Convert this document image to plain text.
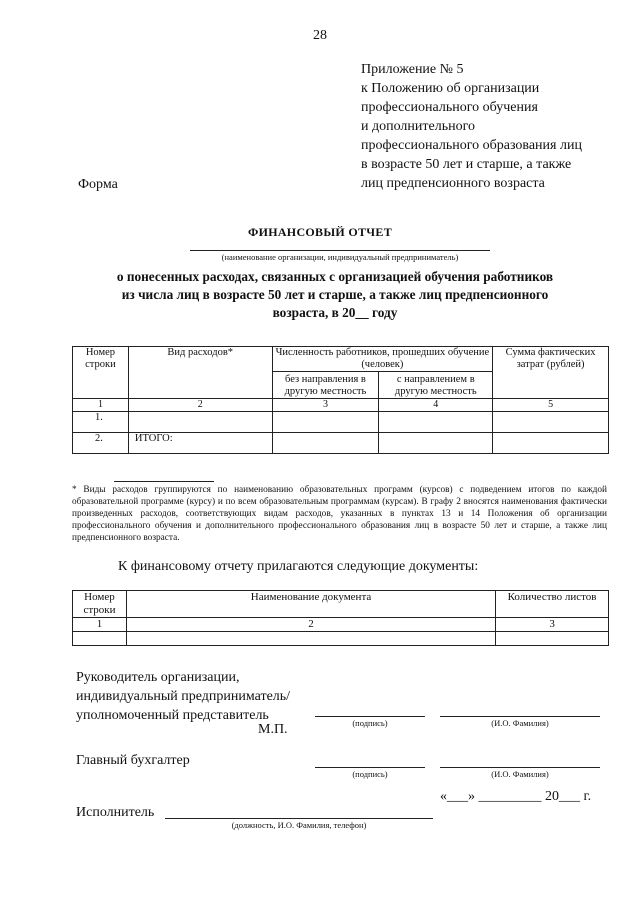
28
Приложение № 5
к Положению об организации
профессионального обучения
и дополнительного
профессионального образования лиц
в возрасте 50 лет и старше, а также
лиц предпенсионного возраста
Форма
ФИНАНСОВЫЙ ОТЧЕТ
(наименование организации, индивидуальный предприниматель)
о понесенных расходах, связанных с организацией обучения работников
из числа лиц в возрасте 50 лет и старше, а также лиц предпенсионного
возраста, в 20__ году
Номер строки	Вид расходов*	Численность работников, прошедших обучение (человек)		Сумма фактических затрат (рублей)
		без направления в другую местность	с направлением в другую местность	
1	2	3	4	5
1.				
2.	ИТОГО:			
* Виды расходов группируются по наименованию образовательных программ (курсов) с подведением итогов по каждой образовательной программе (курсу) и по всем образовательным программам (курсам). В графу 2 вносятся наименования фактически произведенных расходов, соответствующих видам расходов, указанных в пунктах 13 и 14 Положения об организации профессионального обучения и дополнительного профессионального образования лиц в возрасте 50 лет и старше, а также лиц предпенсионного возраста.
К финансовому отчету прилагаются следующие документы:
Номер строки	Наименование документа	Количество листов
1	2	3

Руководитель организации,
индивидуальный предприниматель/
уполномоченный представитель
М.П.	(подпись)	(И.О. Фамилия)
Главный бухгалтер
(подпись)	(И.О. Фамилия)
«___» _________ 20___ г.
Исполнитель
(должность, И.О. Фамилия, телефон)
